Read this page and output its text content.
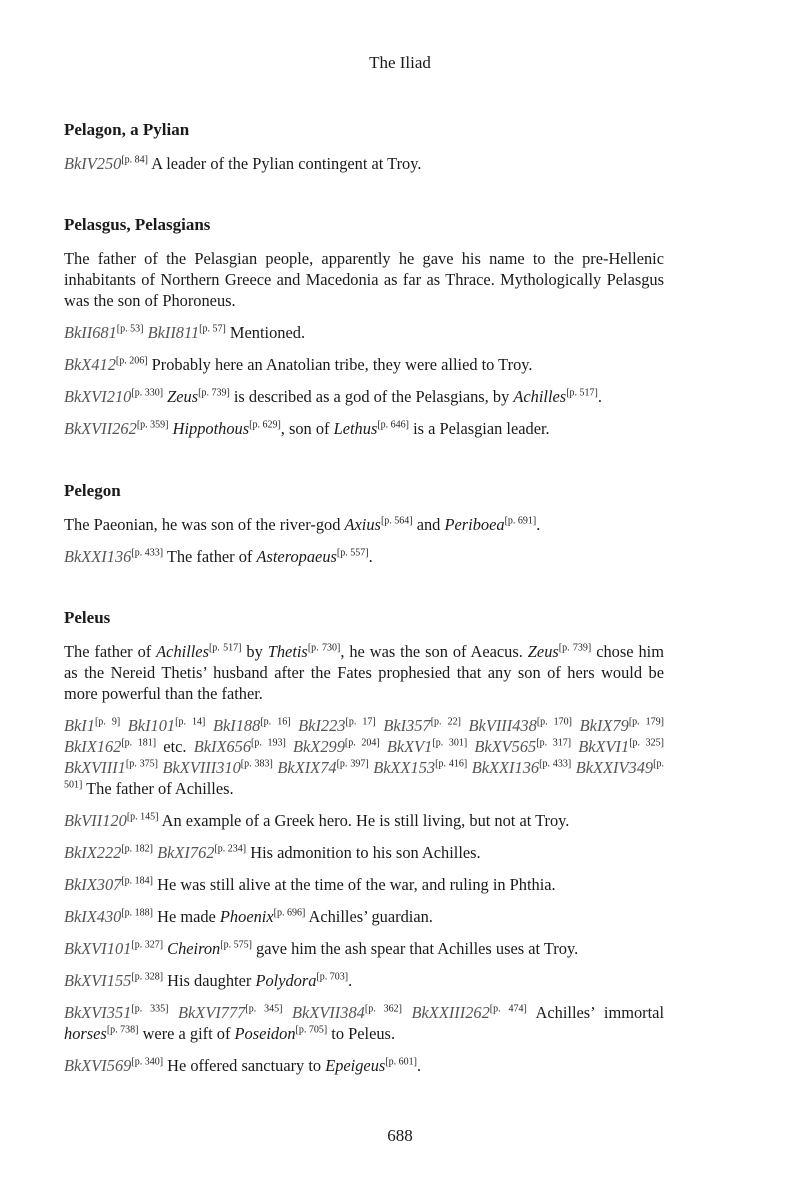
The Iliad
Pelagon, a Pylian

BkIV250[p. 84] A leader of the Pylian contingent at Troy.

Pelasgus, Pelasgians

The father of the Pelasgian people, apparently he gave his name to the pre-Hellenic inhabitants of Northern Greece and Macedonia as far as Thrace. Mythologically Pelasgus was the son of Phoroneus.

BkII681[p. 53] BkII811[p. 57] Mentioned.

BkX412[p. 206] Probably here an Anatolian tribe, they were allied to Troy.

BkXVI210[p. 330] Zeus[p. 739] is described as a god of the Pelasgians, by Achilles[p. 517].

BkXVII262[p. 359] Hippothous[p. 629], son of Lethus[p. 646] is a Pelasgian leader.

Pelegon

The Paeonian, he was son of the river-god Axius[p. 564] and Periboea[p. 691].

BkXXI136[p. 433] The father of Asteropaeus[p. 557].

Peleus

The father of Achilles[p. 517] by Thetis[p. 730], he was the son of Aeacus. Zeus[p. 739] chose him as the Nereid Thetis’ husband after the Fates prophesied that any son of hers would be more powerful than the father.

BkI1[p. 9] BkI101[p. 14] BkI188[p. 16] BkI223[p. 17] BkI357[p. 22] BkVIII438[p. 170] BkIX79[p. 179] BkIX162[p. 181] etc. BkIX656[p. 193] BkX299[p. 204] BkXV1[p. 301] BkXV565[p. 317] BkXVI1[p. 325] BkXVIII1[p. 375] BkXVIII310[p. 383] BkXIX74[p. 397] BkXX153[p. 416] BkXXI136[p. 433] BkXXIV349[p. 501] The father of Achilles.

BkVII120[p. 145] An example of a Greek hero. He is still living, but not at Troy.

BkIX222[p. 182] BkXI762[p. 234] His admonition to his son Achilles.

BkIX307[p. 184] He was still alive at the time of the war, and ruling in Phthia.

BkIX430[p. 188] He made Phoenix[p. 696] Achilles’ guardian.

BkXVI101[p. 327] Cheiron[p. 575] gave him the ash spear that Achilles uses at Troy.

BkXVI155[p. 328] His daughter Polydora[p. 703].

BkXVI351[p. 335] BkXVI777[p. 345] BkXVII384[p. 362] BkXXIII262[p. 474] Achilles’ immortal horses[p. 738] were a gift of Poseidon[p. 705] to Peleus.

BkXVI569[p. 340] He offered sanctuary to Epeigeus[p. 601].

688
